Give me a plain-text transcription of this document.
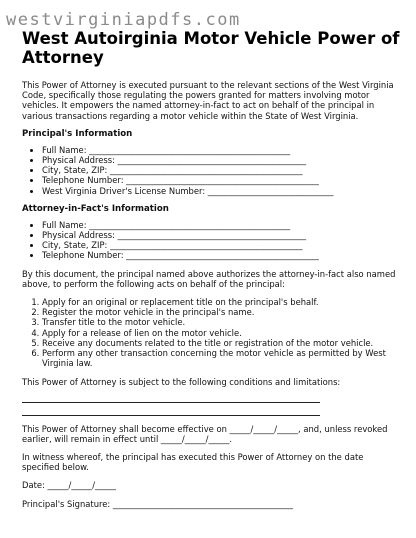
westvirginiapdfs.com
West Autoirginia Motor Vehicle Power of Attorney

This Power of Attorney is executed pursuant to the relevant sections of the West Virginia Code, specifically those regulating the powers granted for matters involving motor vehicles. It empowers the named attorney-in-fact to act on behalf of the principal in various transactions regarding a motor vehicle within the State of West Virginia.

Principal's Information
• Full Name: ________________________________________________
• Physical Address: _____________________________________________
• City, State, ZIP: ______________________________________________
• Telephone Number: ______________________________________________
• West Virginia Driver's License Number: ______________________________
Attorney-in-Fact's Information
• Full Name: ________________________________________________
• Physical Address: _____________________________________________
• City, State, ZIP: ______________________________________________
• Telephone Number: ______________________________________________

By this document, the principal named above authorizes the attorney-in-fact also named above, to perform the following acts on behalf of the principal:

1. Apply for an original or replacement title on the principal's behalf.
2. Register the motor vehicle in the principal's name.
3. Transfer title to the motor vehicle.
4. Apply for a release of lien on the motor vehicle.
5. Receive any documents related to the title or registration of the motor vehicle.
6. Perform any other transaction concerning the motor vehicle as permitted by West Virginia law.

This Power of Attorney is subject to the following conditions and limitations:

This Power of Attorney shall become effective on _____/_____/_____, and, unless revoked earlier, will remain in effect until _____/_____/_____.

In witness whereof, the principal has executed this Power of Attorney on the date specified below.

Date: _____/_____/_____

Principal's Signature: ___________________________________________
